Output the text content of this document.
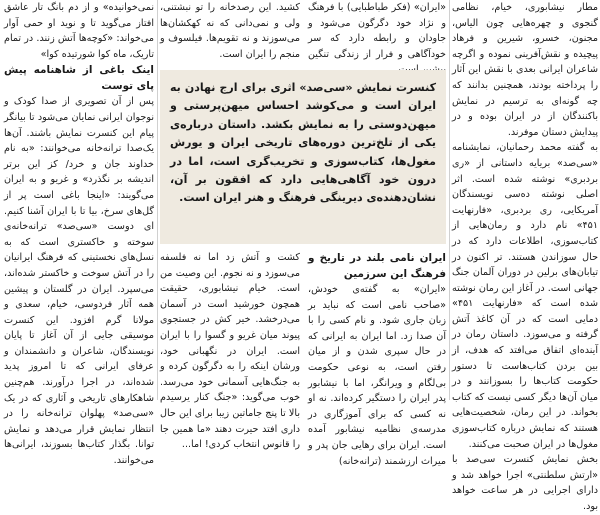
مطار نیشابوری، خیام، نظامی گنجوی و چهره‌هایی چون الیاس، مجنون، خسرو، شیرین و فرهاد پیچیده و نقش‌آفرینی نموده و اگرچه شاعران ایرانی بعدی با نقش این آثار را پرداخته بودند، همچنین بدانند که چه گونه‌ای به ترسیم در نمایش باکنندگان از در ایران بوده و در پیدایش دستان موفرند.

به گفته محمد رحمانیان، نمایشنامه «سی‌صد» بریایه داستانی از «ری بردبری» نوشته شده است. اثر اصلی نوشته ده‌سی نویسندگان آمریکایی، ری بردبری، «فارنهایت ۴۵۱» نام دارد و رمان‌هایی از کتاب‌سوزی، اطلاعات دارد که در حال سوزاندن هستند. تر اکنون در تیا‌بان‌های برلین در دوران آلمان جنگ جهانی است. در آغاز این رمان نوشته شده است که «فارنهایت ۴۵۱» دمایی است که در آن کاغذ آتش گرفته و می‌سوزد. داستان رمان در آینده‌ای اتفاق می‌افتد که هدف، از بین بردن کتاب‌هاست تا دستور حکومت کتاب‌ها را بسوزانند و در میان آن‌ها دیگر کسی نیست که کتاب بخواند. در این رمان، شخصیت‌هایی هستند که نمایش درباره کتاب‌سوزی مغول‌ها در ایران صحبت می‌کنند.

بخش نمایش کنسرت سی‌صد با «ارتش سلطنتی» اجرا خواهد شد و دارای اجرایی در هر ساعت خواهد بود.

«ایران» (فکر طباطبایی) با فرهنگ و نژاد خود دگرگون می‌شود و جاودان و رابطه دارد که سر خودآگاهی و فرار از زندگی تنگین

کشید. این رصدخانه را تو نبشتنی، ولی و نمی‌دانی که نه کهکشان‌ها می‌سوزند و نه تقویم‌ها. فیلسوف و منجم را ایران است.

کنسرت نمایش «سی‌صد» اثری برای ارج نهادن به ایران است و می‌کوشد احساس میهن‌پرستی و میهن‌دوستی را به نمایش بکشد. داستان درباره‌ی یکی از تلخ‌ترین دوره‌های تاریخی ایران و یورش مغول‌ها، کتاب‌سوزی و تخریب‌گری است، اما در درون خود آگاهی‌هایی دارد که افقون بر آن، نشان‌دهنده‌ی دیرینگی فرهنگ و هنر ایران است.

ایران نامی بلند در تاریخ و فرهنگ این سرزمین

«ایران» به گفته‌ی خودش، «صاحب نامی است که نباید بر زبان جاری شود. و نام کسی را با آن صدا زد. اما ایران به ایرانی که در حال سپری شدن و از میان رفتن است، به نوعی حکومت بی‌لگام و ویرانگر، اما با نیشابور پدر ایران را دستگیر کرده‌اند. نه او نه کسی که برای آموزگاری در مدرسه‌ی نظامیه نیشابور آمده است. ایران برای رهایی جان پدر و میراث ارزشمند (ترانه‌خانه)

کشت و آتش زد اما نه فلسفه می‌سوزد و نه نجوم. این وصیت من است. خیام نیشابوری، حقیقت همچون خورشید است در آسمان می‌درخشد. خیر کش در جستجوی پیوند میان غریو و گسوا را با ایران است. ایران در نگهبانی خود، ورشان اینکه را به دگرگون کرده و به جنگ‌هایی آسمانی خود می‌رسد. خوب می‌گوید: «جنگ کنار یرسیدم بالا تا پنج جاماتین زیبا برای این حال داری افتد حیرت دهند «ما همین جا را قانوس انتخاب کردی! اما...

نمی‌خوانیده» و از دم بانگ تار عاشق افتاز می‌گوید تا و نوید او حمی آوار می‌خواند: «کوچه‌ها آتش زنند. در تمام تاریک، ماه کوا شورتیده کوا»

اینک باغی از شاهنامه پیش پای توست

پس از آن تصویری از صدا کودک و نوجوان ایرانی نمایان می‌شود تا بیانگر پیام این کنسرت نمایش باشند. آن‌ها یک‌صدا ترانه‌خانه می‌خوانند: «به نام خداوند جان و خرد/ کز این برتر اندیشه بر نگذرد» و غریو و به ایران می‌گویند: «اینجا باغی است پر از گل‌های سرخ، بیا تا با ایران آشنا کنیم. ای دوست «سی‌صد» ترانه‌خانه‌ی سوخته و خاکستری است که به نسل‌های نخستینی که فرهنگ ایرانیان را در آتش سوخت و خاکستر شده‌اند، می‌سپرد. ایران در گلستان و پیشین همه آثار فردوسی، خیام، سعدی و مولانا گرم افزود. این کنسرت موسیقی جایی از آن آغاز تا پایان نویسندگان، شاعران و دانشمندان و عرفای ایرانی که تا امروز پدید شده‌اند، در اجرا درآورند. هم‌چنین شاهکارهای تاریخی و آثاری که در یک «سی‌صد» پهلوان ترانه‌خانه را در انتظار نمایش قرار می‌دهد و نمایش توانا. بگذار کتاب‌ها بسوزند، ایرانی‌ها می‌خوانند.
